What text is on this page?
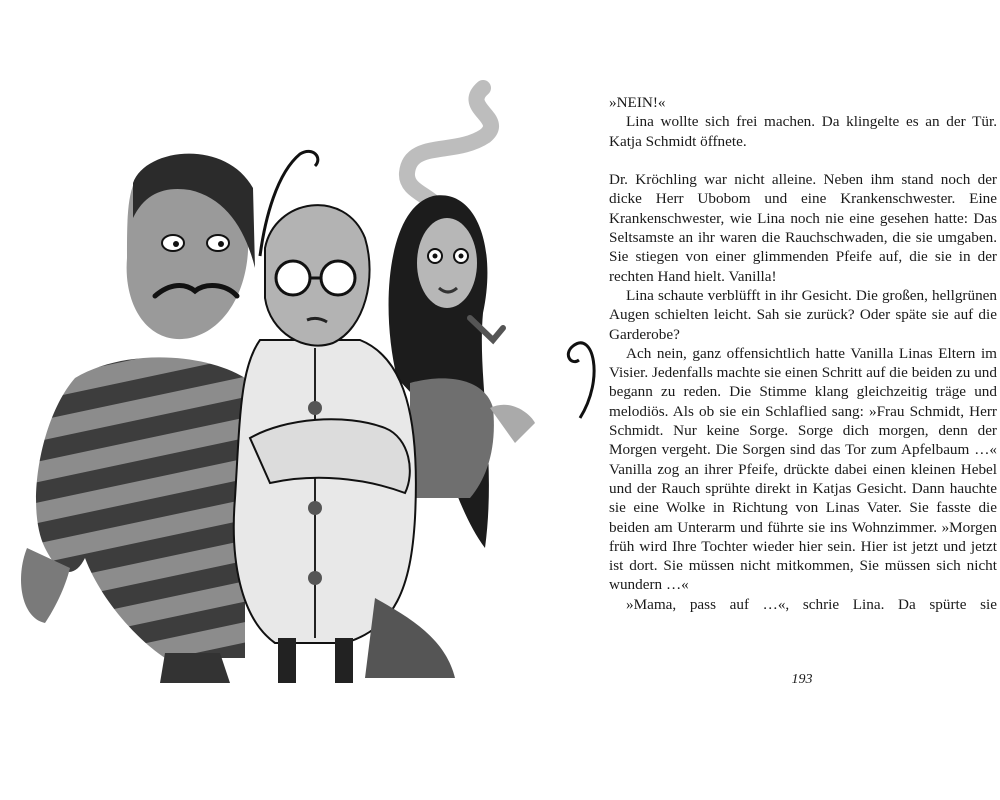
»NEIN!«

Lina wollte sich frei machen. Da klingelte es an der Tür. Katja Schmidt öffnete.

Dr. Kröchling war nicht alleine. Neben ihm stand noch der dicke Herr Ubobom und eine Krankenschwester. Eine Krankenschwester, wie Lina noch nie eine gesehen hatte: Das Seltsamste an ihr waren die Rauchschwaden, die sie umgaben. Sie stiegen von einer glimmenden Pfeife auf, die sie in der rechten Hand hielt. Vanilla!

Lina schaute verblüfft in ihr Gesicht. Die großen, hellgrünen Augen schielten leicht. Sah sie zurück? Oder späte sie auf die Garderobe?

Ach nein, ganz offensichtlich hatte Vanilla Linas Eltern im Visier. Jedenfalls machte sie einen Schritt auf die beiden zu und begann zu reden. Die Stimme klang gleichzeitig träge und melodiös. Als ob sie ein Schlaflied sang: »Frau Schmidt, Herr Schmidt. Nur keine Sorge. Sorge dich morgen, denn der Morgen vergeht. Die Sorgen sind das Tor zum Apfelbaum …« Vanilla zog an ihrer Pfeife, drückte dabei einen kleinen Hebel und der Rauch sprühte direkt in Katjas Gesicht. Dann hauchte sie eine Wolke in Richtung von Linas Vater. Sie fasste die beiden am Unterarm und führte sie ins Wohnzimmer. »Morgen früh wird Ihre Tochter wieder hier sein. Hier ist jetzt und jetzt ist dort. Sie müssen nicht mitkommen, Sie müssen sich nicht wundern …«

»Mama, pass auf …«, schrie Lina. Da spürte sie

193
